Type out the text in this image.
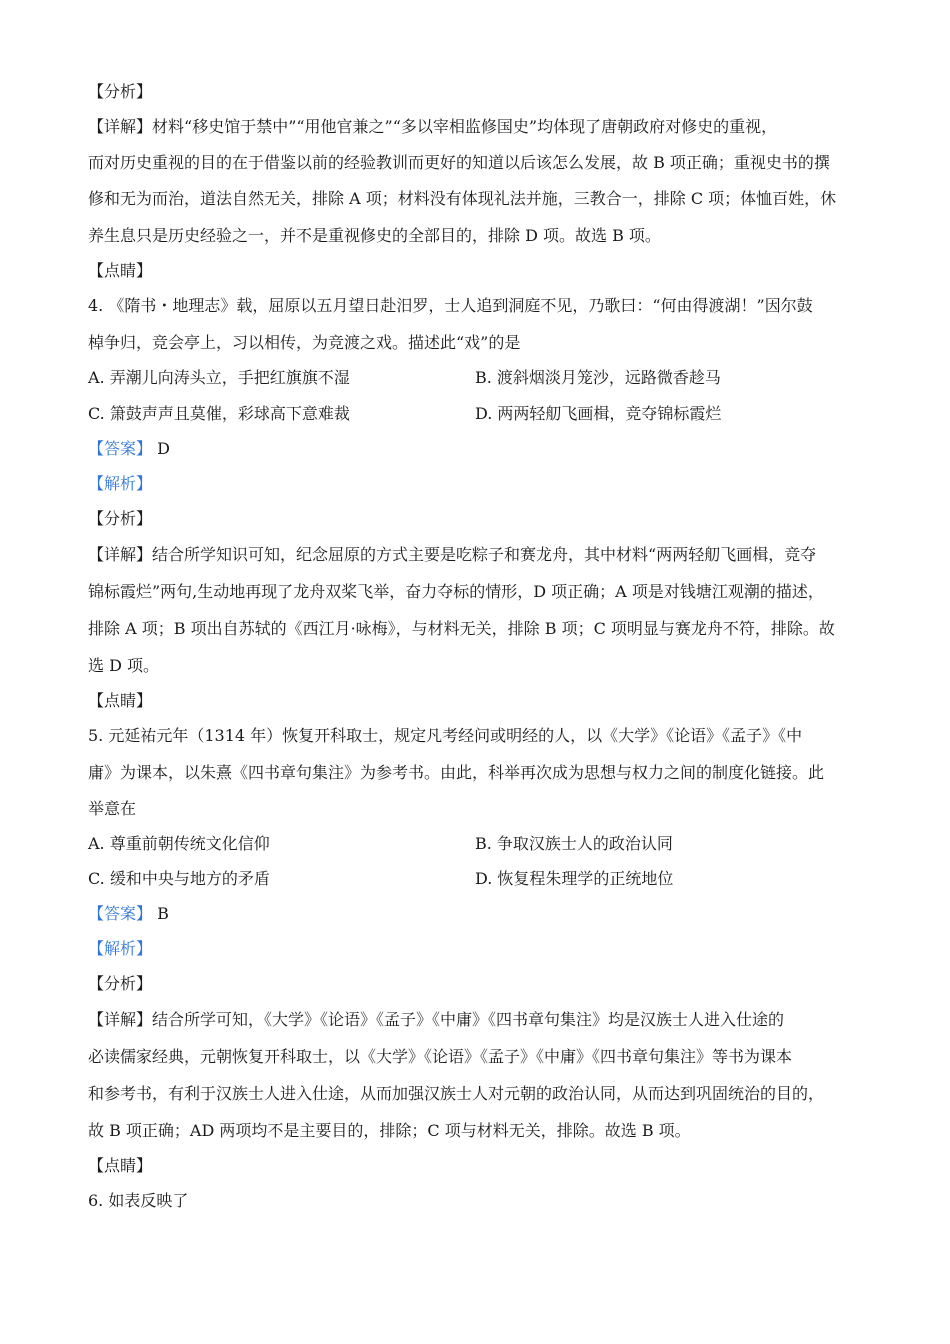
【分析】
【详解】材料“移史馆于禁中”“用他官兼之”“多以宰相监修国史”均体现了唐朝政府对修史的重视，
而对历史重视的目的在于借鉴以前的经验教训而更好的知道以后该怎么发展，故 B 项正确；重视史书的撰
修和无为而治，道法自然无关，排除 A 项；材料没有体现礼法并施，三教合一，排除 C 项；体恤百姓，休
养生息只是历史经验之一，并不是重视修史的全部目的，排除 D 项。故选 B 项。
【点睛】
4. 《隋书・地理志》载，屈原以五月望日赴汨罗，士人追到洞庭不见，乃歌曰：“何由得渡湖！”因尔鼓
棹争归，竞会亭上，习以相传，为竞渡之戏。描述此“戏”的是
A. 弄潮儿向涛头立，手把红旗旗不湿	B. 渡斜烟淡月笼沙，远路微香趁马
C. 箫鼓声声且莫催，彩球高下意难裁	D. 两两轻舠飞画楫，竞夺锦标霞烂
【答案】 D
【解析】
【分析】
【详解】结合所学知识可知，纪念屈原的方式主要是吃粽子和赛龙舟，其中材料“两两轻舠飞画楫，竞夺
锦标霞烂”两句,生动地再现了龙舟双桨飞举，奋力夺标的情形，D 项正确；A 项是对钱塘江观潮的描述，
排除 A 项；B 项出自苏轼的《西江月·咏梅》，与材料无关，排除 B 项；C 项明显与赛龙舟不符，排除。故
选 D 项。
【点睛】
5. 元延祐元年（1314 年）恢复开科取士，规定凡考经问或明经的人，以《大学》《论语》《孟子》《中
庸》为课本，以朱熹《四书章句集注》为参考书。由此，科举再次成为思想与权力之间的制度化链接。此
举意在
A. 尊重前朝传统文化信仰	B. 争取汉族士人的政治认同
C. 缓和中央与地方的矛盾	D. 恢复程朱理学的正统地位
【答案】 B
【解析】
【分析】
【详解】结合所学可知，《大学》《论语》《孟子》《中庸》《四书章句集注》均是汉族士人进入仕途的
必读儒家经典，元朝恢复开科取士，以《大学》《论语》《孟子》《中庸》《四书章句集注》等书为课本
和参考书，有利于汉族士人进入仕途，从而加强汉族士人对元朝的政治认同，从而达到巩固统治的目的，
故 B 项正确；AD 两项均不是主要目的，排除；C 项与材料无关，排除。故选 B 项。
【点睛】
6. 如表反映了
